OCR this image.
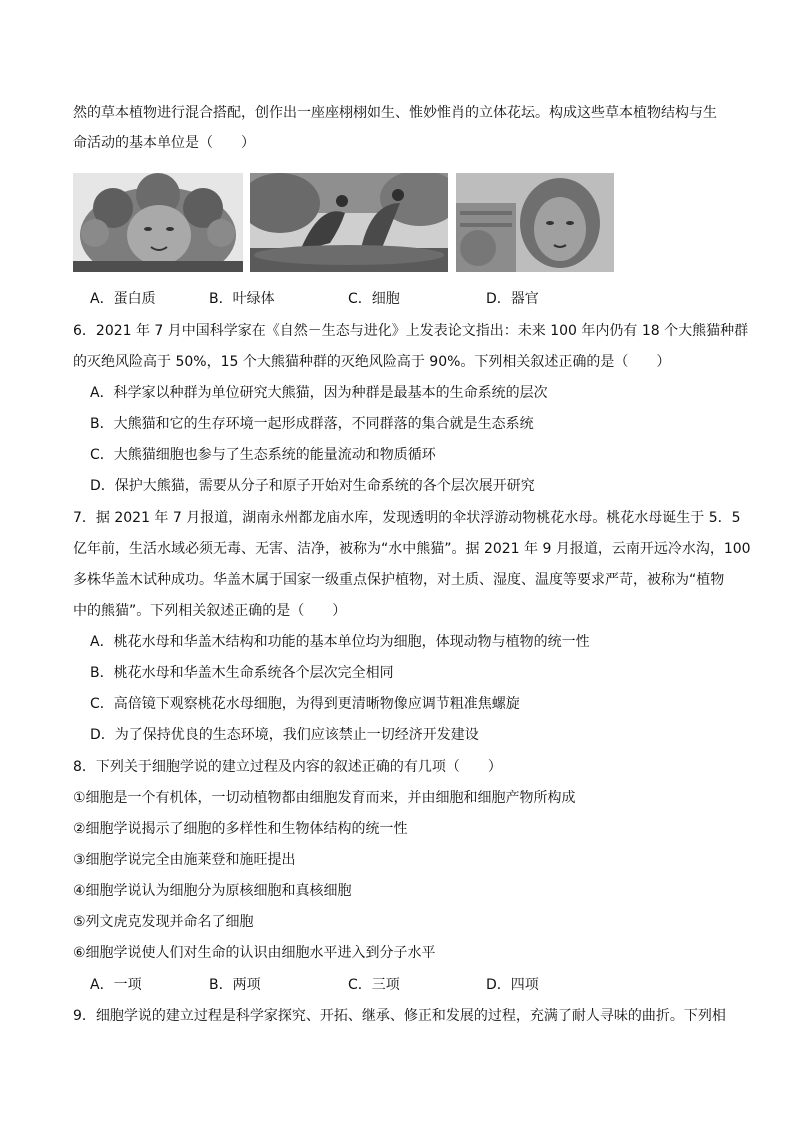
然的草本植物进行混合搭配，创作出一座座栩栩如生、惟妙惟肖的立体花坛。构成这些草本植物结构与生
命活动的基本单位是（　　）
A．蛋白质	B．叶绿体	C．细胞	D．器官
6．2021 年 7 月中国科学家在《自然－生态与进化》上发表论文指出：未来 100 年内仍有 18 个大熊猫种群
的灭绝风险高于 50%，15 个大熊猫种群的灭绝风险高于 90%。下列相关叙述正确的是（　　）
A．科学家以种群为单位研究大熊猫，因为种群是最基本的生命系统的层次
B．大熊猫和它的生存环境一起形成群落，不同群落的集合就是生态系统
C．大熊猫细胞也参与了生态系统的能量流动和物质循环
D．保护大熊猫，需要从分子和原子开始对生命系统的各个层次展开研究
7．据 2021 年 7 月报道，湖南永州都龙庙水库，发现透明的伞状浮游动物桃花水母。桃花水母诞生于 5．5
亿年前，生活水域必须无毒、无害、洁净，被称为“水中熊猫”。据 2021 年 9 月报道，云南开远冷水沟，100
多株华盖木试种成功。华盖木属于国家一级重点保护植物，对土质、湿度、温度等要求严苛，被称为“植物
中的熊猫”。下列相关叙述正确的是（　　）
A．桃花水母和华盖木结构和功能的基本单位均为细胞，体现动物与植物的统一性
B．桃花水母和华盖木生命系统各个层次完全相同
C．高倍镜下观察桃花水母细胞，为得到更清晰物像应调节粗准焦螺旋
D．为了保持优良的生态环境，我们应该禁止一切经济开发建设
8．下列关于细胞学说的建立过程及内容的叙述正确的有几项（　　）
①细胞是一个有机体，一切动植物都由细胞发育而来，并由细胞和细胞产物所构成
②细胞学说揭示了细胞的多样性和生物体结构的统一性
③细胞学说完全由施莱登和施旺提出
④细胞学说认为细胞分为原核细胞和真核细胞
⑤列文虎克发现并命名了细胞
⑥细胞学说使人们对生命的认识由细胞水平进入到分子水平
A．一项	B．两项	C．三项	D．四项
9．细胞学说的建立过程是科学家探究、开拓、继承、修正和发展的过程，充满了耐人寻味的曲折。下列相
